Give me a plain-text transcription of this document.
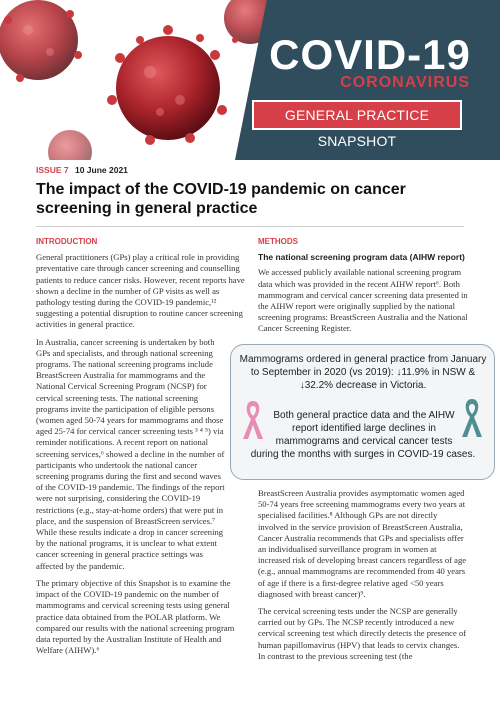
COVID-19
CORONAVIRUS
GENERAL PRACTICE SNAPSHOT
ISSUE 7 10 June 2021
The impact of the COVID-19 pandemic on cancer screening in general practice
INTRODUCTION

General practitioners (GPs) play a critical role in providing preventative care through cancer screening and counselling patients to reduce cancer risks. However, recent reports have shown a decline in the number of GP visits as well as pathology testing during the COVID-19 pandemic,¹² suggesting a potential disruption to routine cancer screening activities in general practice.

In Australia, cancer screening is undertaken by both GPs and specialists, and through national screening programs. The national screening programs include BreastScreen Australia for mammograms and the National Cervical Screening Program (NCSP) for cervical screening tests. The national screening programs invite the participation of eligible persons (women aged 50-74 years for mammograms and those aged 25-74 for cervical cancer screening tests ³ ⁴ ⁵) via reminder notifications. A recent report on national screening services,⁶ showed a decline in the number of participants who undertook the national cancer screening programs during the first and second waves of the COVID-19 pandemic. The findings of the report were not surprising, considering the COVID-19 restrictions (e.g., stay-at-home orders) that were put in place, and the suspension of BreastScreen services.⁷ While these results indicate a drop in cancer screening by the national programs, it is unclear to what extent cancer screening in general practice settings was affected by the pandemic.

The primary objective of this Snapshot is to examine the impact of the COVID-19 pandemic on the number of mammograms and cervical screening tests using general practice data obtained from the POLAR platform. We compared our results with the national screening program data reported by the Australian Institute of Health and Welfare (AIHW).⁶

METHODS
The national screening program data (AIHW report)

We accessed publicly available national screening program data which was provided in the recent AIHW report⁶. Both mammogram and cervical cancer screening data presented in the AIHW report were originally supplied by the national screening programs: BreastScreen Australia and the National Cancer Screening Register.

BreastScreen Australia provides asymptomatic women aged 50-74 years free screening mammograms every two years at specialised facilities.⁸ Although GPs are not directly involved in the service provision of BreastScreen Australia, Cancer Australia recommends that GPs and specialists offer an individualised surveillance program in women at increased risk of developing breast cancers regardless of age (e.g., annual mammograms are recommended from 40 years of age if there is a first-degree relative aged <50 years diagnosed with breast cancer)⁹.

The cervical screening tests under the NCSP are generally carried out by GPs. The NCSP recently introduced a new cervical screening test which directly detects the presence of human papillomavirus (HPV) that leads to cervix changes. In contrast to the previous screening test (the

Mammograms ordered in general practice from January to September in 2020 (vs 2019): ↓11.9% in NSW & ↓32.2% decrease in Victoria.
Both general practice data and the AIHW report identified large declines in mammograms and cervical cancer tests
during the months with surges in COVID-19 cases.
